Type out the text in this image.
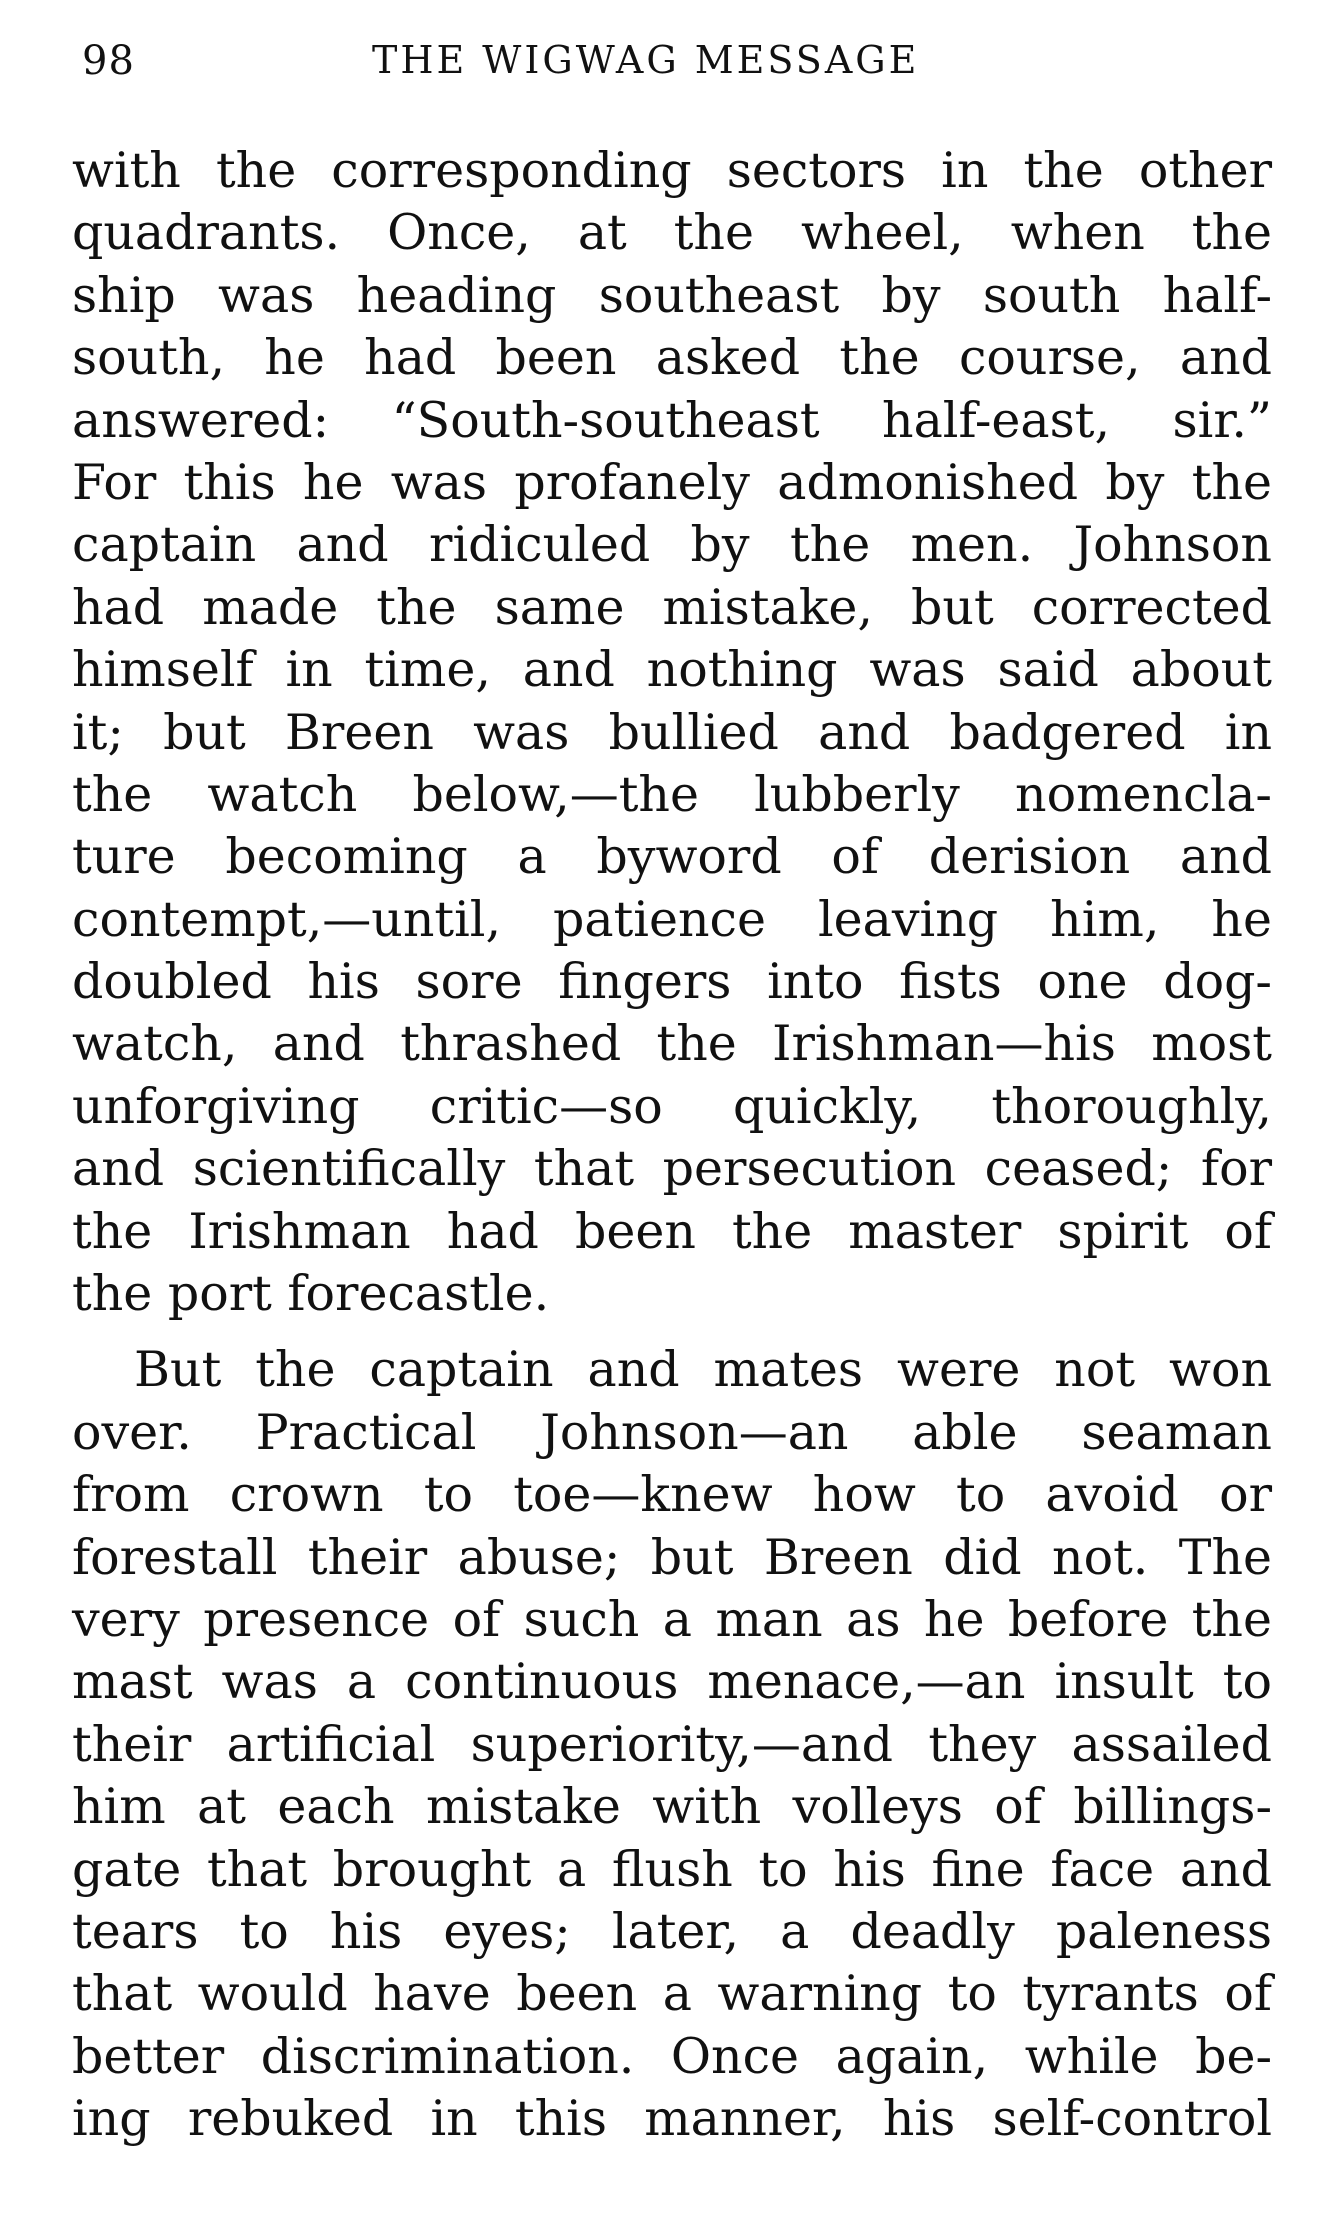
98	THE WIGWAG MESSAGE
with the corresponding sectors in the other
quadrants. Once, at the wheel, when the
ship was heading southeast by south half-
south, he had been asked the course, and
answered: “South-southeast half-east, sir.”
For this he was profanely admonished by the
captain and ridiculed by the men. Johnson
had made the same mistake, but corrected
himself in time, and nothing was said about
it; but Breen was bullied and badgered in
the watch below,—the lubberly nomencla-
ture becoming a byword of derision and
contempt,—until, patience leaving him, he
doubled his sore fingers into fists one dog-
watch, and thrashed the Irishman—his most
unforgiving critic—so quickly, thoroughly,
and scientifically that persecution ceased; for
the Irishman had been the master spirit of
the port forecastle.
But the captain and mates were not won
over. Practical Johnson—an able seaman
from crown to toe—knew how to avoid or
forestall their abuse; but Breen did not. The
very presence of such a man as he before the
mast was a continuous menace,—an insult to
their artificial superiority,—and they assailed
him at each mistake with volleys of billings-
gate that brought a flush to his fine face and
tears to his eyes; later, a deadly paleness
that would have been a warning to tyrants of
better discrimination. Once again, while be-
ing rebuked in this manner, his self-control
